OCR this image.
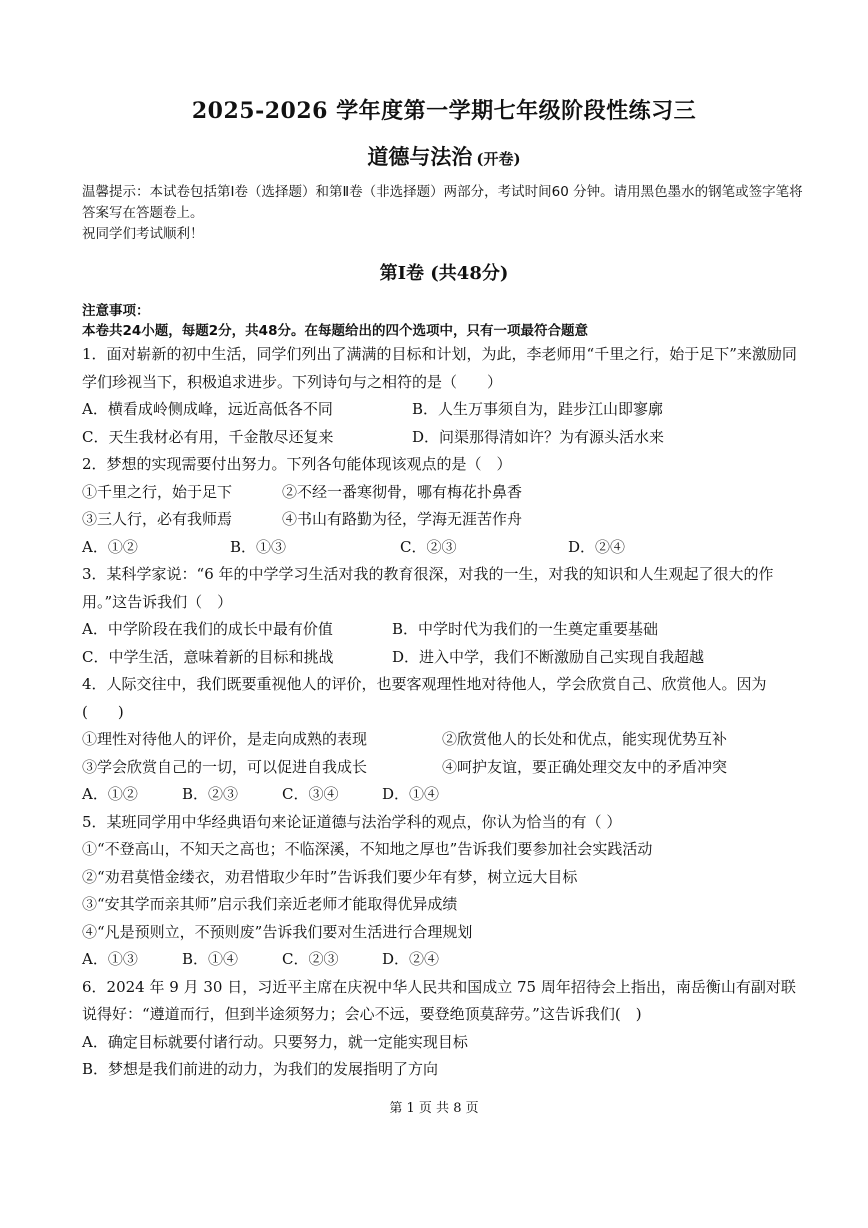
2025-2026 学年度第一学期七年级阶段性练习三
道德与法治 (开卷)
温馨提示：本试卷包括第Ⅰ卷（选择题）和第Ⅱ卷（非选择题）两部分，考试时间60 分钟。请用黑色墨水的钢笔或签字笔将答案写在答题卷上。
祝同学们考试顺利！
第Ⅰ卷 (共48分)
注意事项：
本卷共24小题，每题2分，共48分。在每题给出的四个选项中，只有一项最符合题意
1．面对崭新的初中生活，同学们列出了满满的目标和计划，为此，李老师用“千里之行，始于足下”来激励同学们珍视当下，积极追求进步。下列诗句与之相符的是（　　）
A．横看成岭侧成峰，远近高低各不同	B．人生万事须自为，跬步江山即寥廓
C．天生我材必有用，千金散尽还复来	D．问渠那得清如许？为有源头活水来
2．梦想的实现需要付出努力。下列各句能体现该观点的是（　）
①千里之行，始于足下	②不经一番寒彻骨，哪有梅花扑鼻香
③三人行，必有我师焉	④书山有路勤为径，学海无涯苦作舟
A．①②	B．①③	C．②③	D．②④
3．某科学家说：“6 年的中学学习生活对我的教育很深，对我的一生，对我的知识和人生观起了很大的作用。”这告诉我们（　）
A．中学阶段在我们的成长中最有价值	B．中学时代为我们的一生奠定重要基础
C．中学生活，意味着新的目标和挑战	D．进入中学，我们不断激励自己实现自我超越
4．人际交往中，我们既要重视他人的评价，也要客观理性地对待他人，学会欣赏自己、欣赏他人。因为(　　)
①理性对待他人的评价，是走向成熟的表现	②欣赏他人的长处和优点，能实现优势互补
③学会欣赏自己的一切，可以促进自我成长	④呵护友谊，要正确处理交友中的矛盾冲突
A．①②	B．②③	C．③④	D．①④
5．某班同学用中华经典语句来论证道德与法治学科的观点，你认为恰当的有（ ）
①“不登高山，不知天之高也；不临深溪，不知地之厚也”告诉我们要参加社会实践活动
②“劝君莫惜金缕衣，劝君惜取少年时”告诉我们要少年有梦，树立远大目标
③“安其学而亲其师”启示我们亲近老师才能取得优异成绩
④“凡是预则立，不预则废”告诉我们要对生活进行合理规划
A．①③	B．①④	C．②③	D．②④
6．2024 年 9 月 30 日，习近平主席在庆祝中华人民共和国成立 75 周年招待会上指出，南岳衡山有副对联说得好：“遵道而行，但到半途须努力；会心不远，要登绝顶莫辞劳。”这告诉我们(　)
A．确定目标就要付诸行动。只要努力，就一定能实现目标
B．梦想是我们前进的动力，为我们的发展指明了方向
第 1 页 共 8 页
